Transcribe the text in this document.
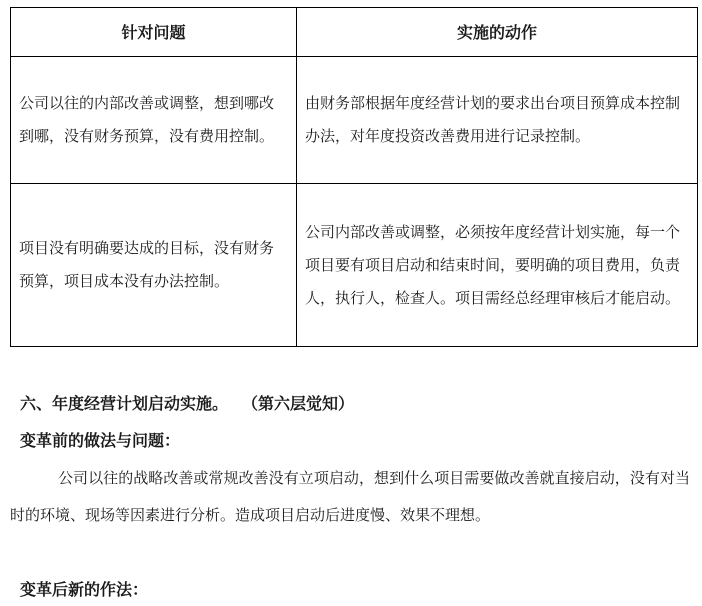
针对问题	实施的动作
公司以往的内部改善或调整，想到哪改到哪，没有财务预算，没有费用控制。	由财务部根据年度经营计划的要求出台项目预算成本控制办法，对年度投资改善费用进行记录控制。
项目没有明确要达成的目标，没有财务预算，项目成本没有办法控制。	公司内部改善或调整，必须按年度经营计划实施，每一个项目要有项目启动和结束时间，要明确的项目费用，负责人，执行人，检查人。项目需经总经理审核后才能启动。
六、年度经营计划启动实施。 （第六层觉知）
变革前的做法与问题：

公司以往的战略改善或常规改善没有立项启动，想到什么项目需要做改善就直接启动，没有对当时的环境、现场等因素进行分析。造成项目启动后进度慢、效果不理想。

变革后新的作法：
